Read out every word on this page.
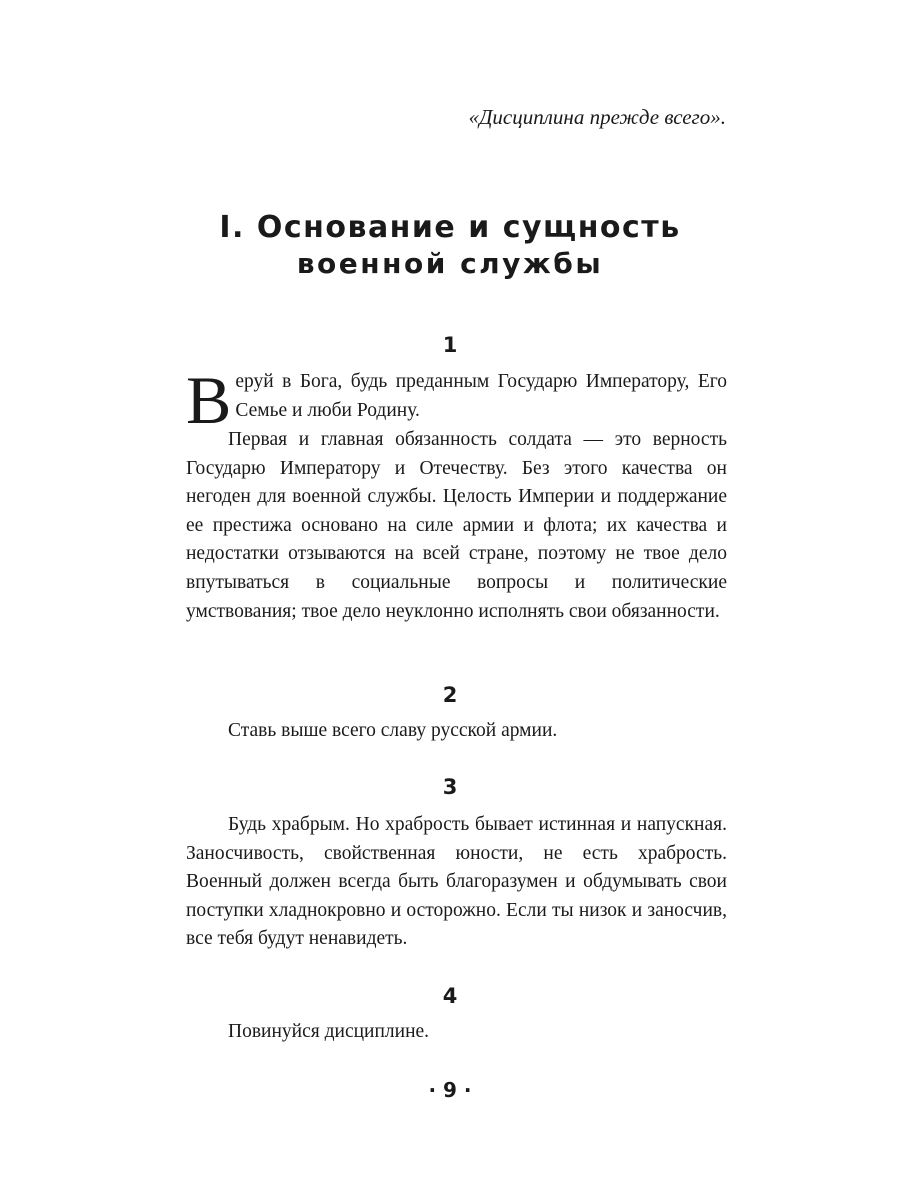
«Дисциплина прежде всего».
I. Основание и сущность
военной службы
1

Веруй в Бога, будь преданным Государю Императору, Его Семье и люби Родину.

Первая и главная обязанность солдата — это верность Государю Императору и Отечеству. Без этого качества он негоден для военной службы. Целость Империи и поддержание ее престижа основано на силе армии и флота; их качества и недостатки отзываются на всей стране, поэтому не твое дело впутываться в социальные вопросы и политические умствования; твое дело неуклонно исполнять свои обязанности.

2

Ставь выше всего славу русской армии.

3

Будь храбрым. Но храбрость бывает истинная и напускная. Заносчивость, свойственная юности, не есть храбрость. Военный должен всегда быть благоразумен и обдумывать свои поступки хладнокровно и осторожно. Если ты низок и заносчив, все тебя будут ненавидеть.

4

Повинуйся дисциплине.

· 9 ·
